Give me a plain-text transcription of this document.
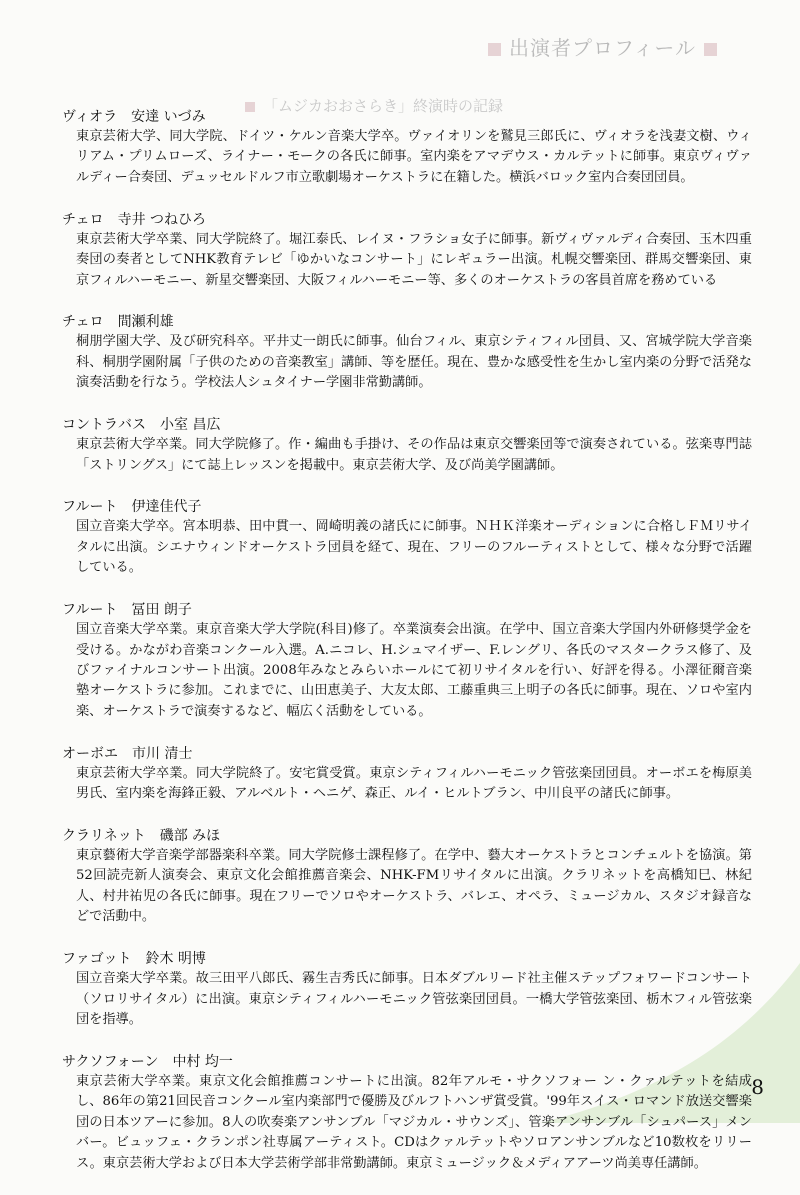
出演者プロフィール
「ムジカおおさらき」終演時の記録

ヴィオラ 安達 いづみ

東京芸術大学、同大学院、ドイツ・ケルン音楽大学卒。ヴァイオリンを鷲見三郎氏に、ヴィオラを浅妻文樹、ウィリアム・プリムローズ、ライナー・モークの各氏に師事。室内楽をアマデウス・カルテットに師事。東京ヴィヴァルディー合奏団、デュッセルドルフ市立歌劇場オーケストラに在籍した。横浜バロック室内合奏団団員。

チェロ 寺井 つねひろ

東京芸術大学卒業、同大学院終了。堀江泰氏、レイヌ・フラショ女子に師事。新ヴィヴァルディ合奏団、玉木四重奏団の奏者としてNHK教育テレビ「ゆかいなコンサート」にレギュラー出演。札幌交響楽団、群馬交響楽団、東京フィルハーモニー、新星交響楽団、大阪フィルハーモニー等、多くのオーケストラの客員首席を務めている

チェロ 間瀬利雄

桐朋学園大学、及び研究科卒。平井丈一朗氏に師事。仙台フィル、東京シティフィル団員、又、宮城学院大学音楽科、桐朋学園附属「子供のための音楽教室」講師、等を歴任。現在、豊かな感受性を生かし室内楽の分野で活発な演奏活動を行なう。学校法人シュタイナー学園非常勤講師。

コントラバス 小室 昌広

東京芸術大学卒業。同大学院修了。作・編曲も手掛け、その作品は東京交響楽団等で演奏されている。弦楽専門誌「ストリングス」にて誌上レッスンを掲載中。東京芸術大学、及び尚美学園講師。

フルート 伊達佳代子

国立音楽大学卒。宮本明恭、田中貫一、岡崎明義の諸氏にに師事。ＮＨＫ洋楽オーディションに合格しＦＭリサイタルに出演。シエナウィンドオーケストラ団員を経て、現在、フリーのフルーティストとして、様々な分野で活躍している。

フルート 冨田 朗子

国立音楽大学卒業。東京音楽大学大学院(科目)修了。卒業演奏会出演。在学中、国立音楽大学国内外研修奨学金を受ける。かながわ音楽コンクール入選。A.ニコレ、H.シュマイザー、F.レングリ、各氏のマスタークラス修了、及びファイナルコンサート出演。2008年みなとみらいホールにて初リサイタルを行い、好評を得る。小澤征爾音楽塾オーケストラに参加。これまでに、山田恵美子、大友太郎、工藤重典三上明子の各氏に師事。現在、ソロや室内楽、オーケストラで演奏するなど、幅広く活動をしている。

オーボエ 市川 清士

東京芸術大学卒業。同大学院終了。安宅賞受賞。東京シティフィルハーモニック管弦楽団団員。オーボエを梅原美男氏、室内楽を海鋒正毅、アルベルト・ヘニゲ、森正、ルイ・ヒルトブラン、中川良平の諸氏に師事。

クラリネット 磯部 みほ

東京藝術大学音楽学部器楽科卒業。同大学院修士課程修了。在学中、藝大オーケストラとコンチェルトを協演。第52回読売新人演奏会、東京文化会館推薦音楽会、NHK-FMリサイタルに出演。クラリネットを高橋知巳、林紀人、村井祐児の各氏に師事。現在フリーでソロやオーケストラ、バレエ、オペラ、ミュージカル、スタジオ録音などで活動中。

ファゴット 鈴木 明博

国立音楽大学卒業。故三田平八郎氏、霧生吉秀氏に師事。日本ダブルリード社主催ステップフォワードコンサート（ソロリサイタル）に出演。東京シティフィルハーモニック管弦楽団団員。一橋大学管弦楽団、栃木フィル管弦楽団を指導。

サクソフォーン 中村 均一

東京芸術大学卒業。東京文化会館推薦コンサートに出演。82年アルモ・サクソフォー ン・クァルテットを結成し、86年の第21回民音コンクール室内楽部門で優勝及びルフトハンザ賞受賞。'99年スイス・ロマンド放送交響楽団の日本ツアーに参加。8人の吹奏楽アンサンブル「マジカル・サウンズ」、管楽アンサンブル「シュパース」メンバー。ビュッフェ・クランポン社専属アーティスト。CDはクァルテットやソロアンサンブルなど10数枚をリリース。東京芸術大学および日本大学芸術学部非常勤講師。東京ミュージック＆メディアアーツ尚美専任講師。

8
